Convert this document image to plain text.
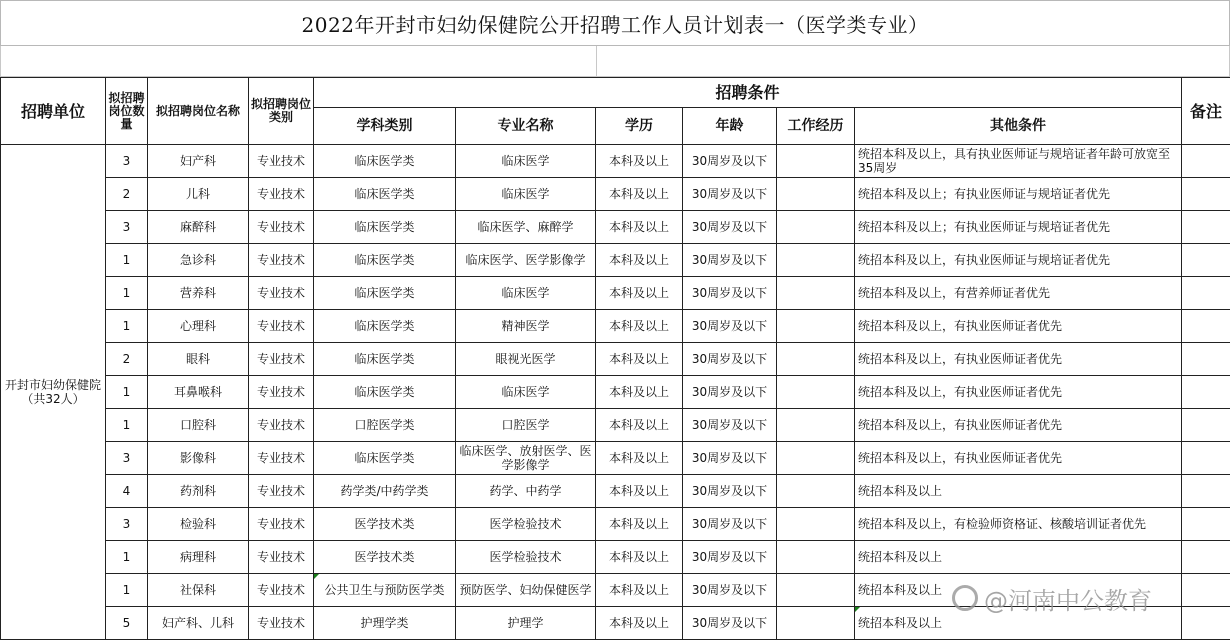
2022年开封市妇幼保健院公开招聘工作人员计划表一（医学类专业）
招聘单位	拟招聘岗位数量	拟招聘岗位名称	拟招聘岗位类别	招聘条件						备注
				学科类别	专业名称	学历	年龄	工作经历	其他条件	

开封市妇幼保健院
（共32人）	3	妇产科	专业技术	临床医学类	临床医学	本科及以上	30周岁及以下		统招本科及以上，具有执业医师证与规培证者年龄可放宽至35周岁	
	2	儿科	专业技术	临床医学类	临床医学	本科及以上	30周岁及以下		统招本科及以上；有执业医师证与规培证者优先	
	3	麻醉科	专业技术	临床医学类	临床医学、麻醉学	本科及以上	30周岁及以下		统招本科及以上；有执业医师证与规培证者优先	
	1	急诊科	专业技术	临床医学类	临床医学、医学影像学	本科及以上	30周岁及以下		统招本科及以上，有执业医师证与规培证者优先	
	1	营养科	专业技术	临床医学类	临床医学	本科及以上	30周岁及以下		统招本科及以上，有营养师证者优先	
	1	心理科	专业技术	临床医学类	精神医学	本科及以上	30周岁及以下		统招本科及以上，有执业医师证者优先	
	2	眼科	专业技术	临床医学类	眼视光医学	本科及以上	30周岁及以下		统招本科及以上，有执业医师证者优先	
	1	耳鼻喉科	专业技术	临床医学类	临床医学	本科及以上	30周岁及以下		统招本科及以上，有执业医师证者优先	
	1	口腔科	专业技术	口腔医学类	口腔医学	本科及以上	30周岁及以下		统招本科及以上，有执业医师证者优先	
	3	影像科	专业技术	临床医学类	临床医学、放射医学、医学影像学	本科及以上	30周岁及以下		统招本科及以上，有执业医师证者优先	
	4	药剂科	专业技术	药学类/中药学类	药学、中药学	本科及以上	30周岁及以下		统招本科及以上	
	3	检验科	专业技术	医学技术类	医学检验技术	本科及以上	30周岁及以下		统招本科及以上，有检验师资格证、核酸培训证者优先	
	1	病理科	专业技术	医学技术类	医学检验技术	本科及以上	30周岁及以下		统招本科及以上	
	1	社保科	专业技术	公共卫生与预防医学类	预防医学、妇幼保健医学	本科及以上	30周岁及以下		统招本科及以上	
	5	妇产科、儿科	专业技术	护理学类	护理学	本科及以上	30周岁及以下		统招本科及以上	
@河南中公教育
